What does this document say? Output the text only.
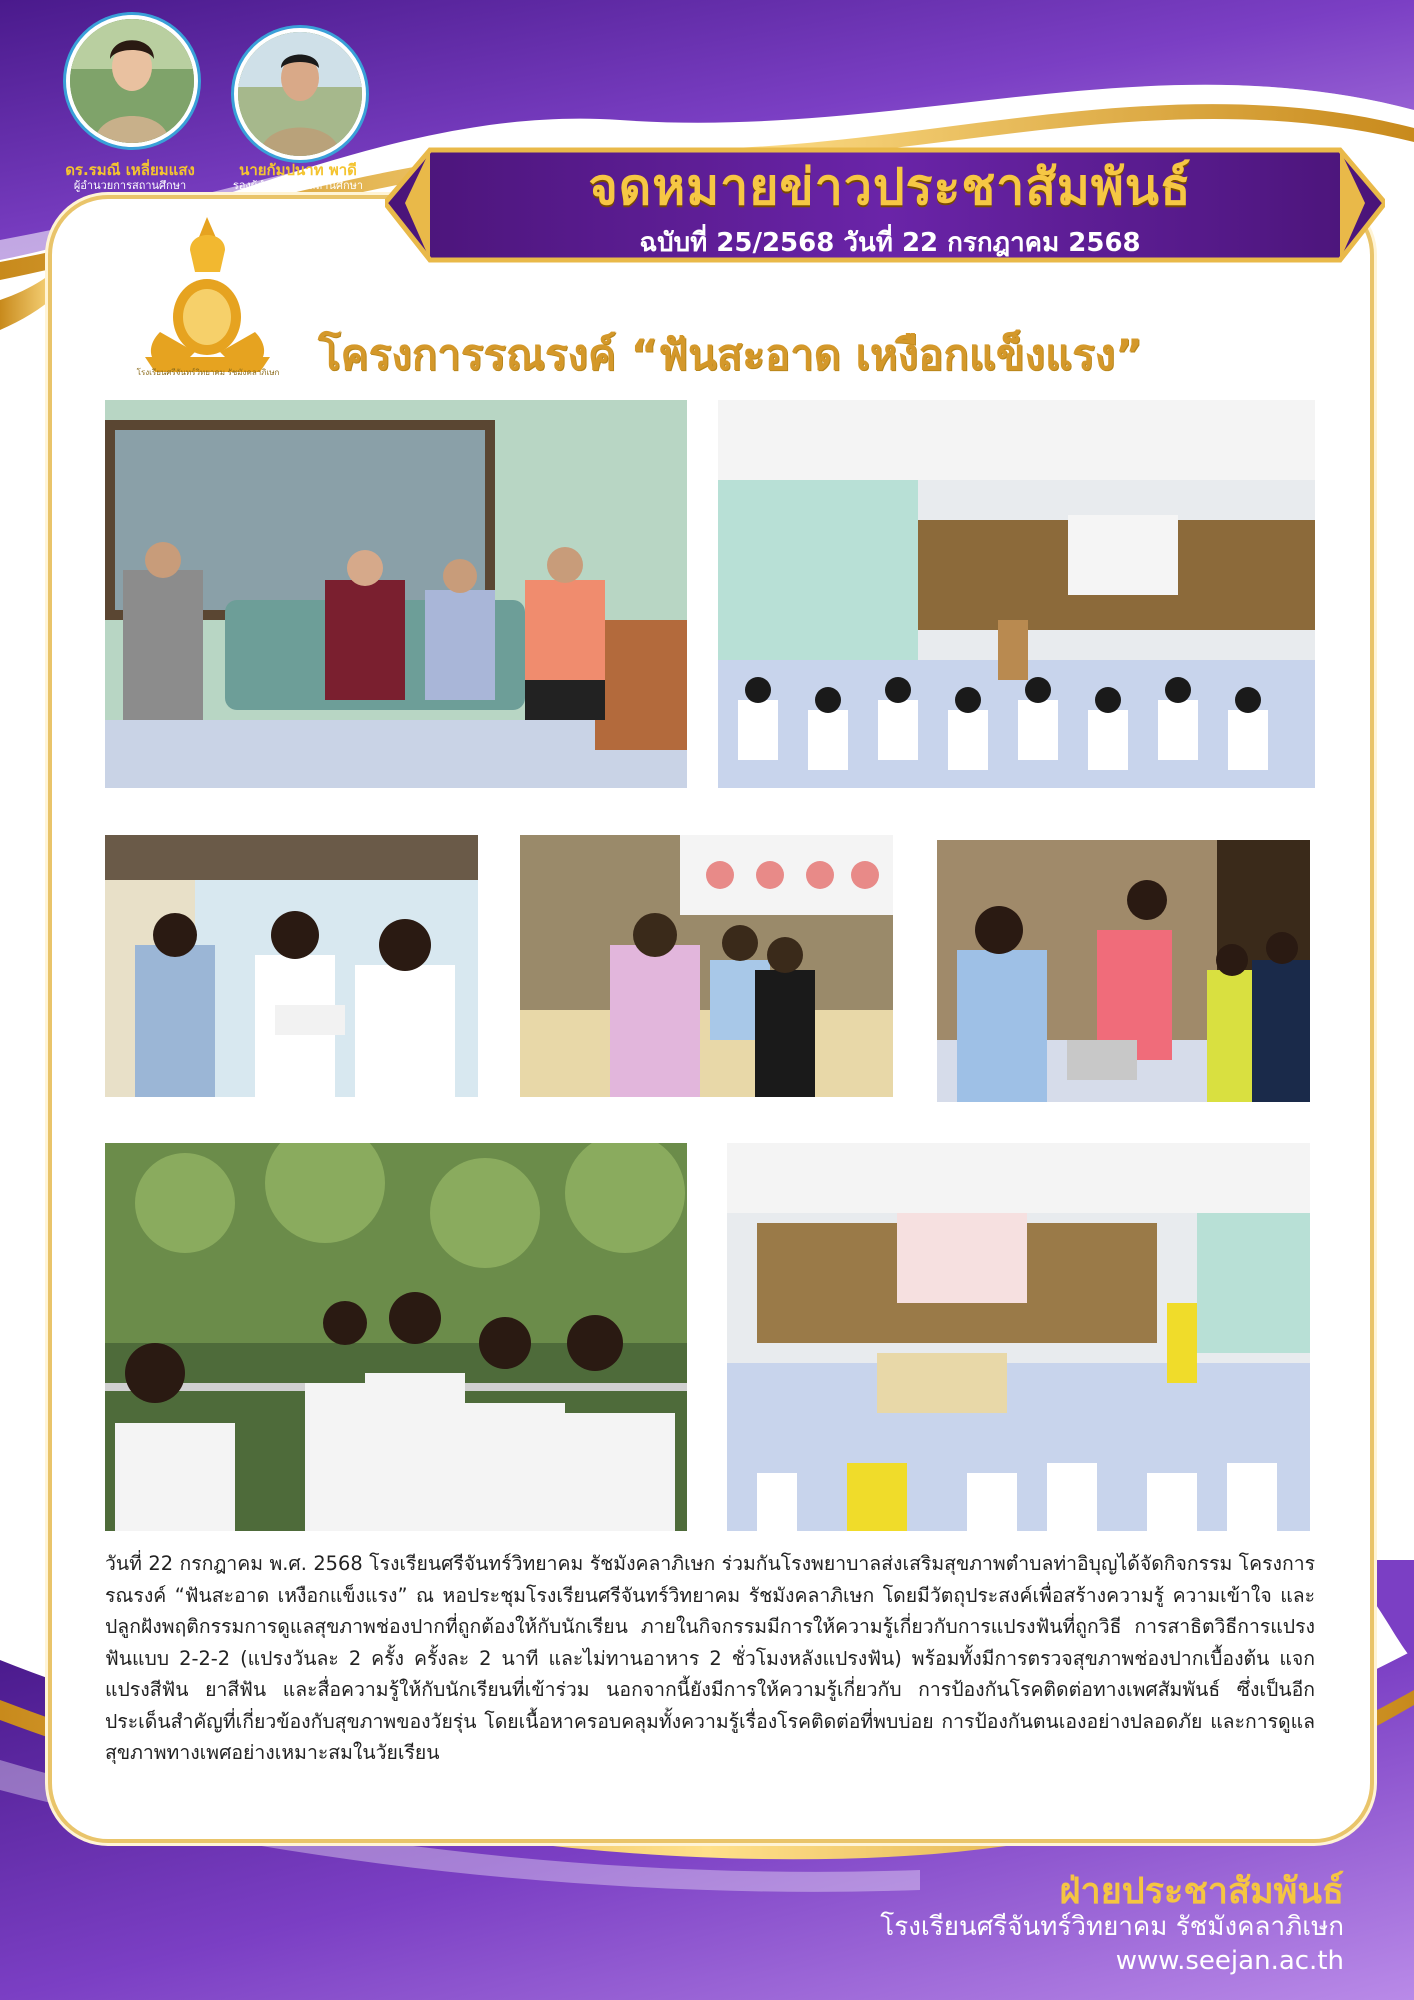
จดหมายข่าวประชาสัมพันธ์
ฉบับที่ 25/2568 วันที่ 22 กรกฎาคม 2568
ดร.รมณี เหลี่ยมแสง
ผู้อำนวยการสถานศึกษา
นายกัมปนาท พาดี
รองผู้อำนวยการสถานศึกษา
โรงเรียนศรีจันทร์วิทยาคม รัชมังคลาภิเษก โครงการรณรงค์ “ฟันสะอาด เหงือกแข็งแรง”
วันที่ 22 กรกฎาคม พ.ศ. 2568 โรงเรียนศรีจันทร์วิทยาคม รัชมังคลาภิเษก ร่วมกันโรงพยาบาลส่งเสริมสุขภาพตำบลท่าอิบุญได้จัดกิจกรรม โครงการรณรงค์ “ฟันสะอาด เหงือกแข็งแรง” ณ หอประชุมโรงเรียนศรีจันทร์วิทยาคม รัชมังคลาภิเษก โดยมีวัตถุประสงค์เพื่อสร้างความรู้ ความเข้าใจ และปลูกฝังพฤติกรรมการดูแลสุขภาพช่องปากที่ถูกต้องให้กับนักเรียน ภายในกิจกรรมมีการให้ความรู้เกี่ยวกับการแปรงฟันที่ถูกวิธี การสาธิตวิธีการแปรงฟันแบบ 2-2-2 (แปรงวันละ 2 ครั้ง ครั้งละ 2 นาที และไม่ทานอาหาร 2 ชั่วโมงหลังแปรงฟัน) พร้อมทั้งมีการตรวจสุขภาพช่องปากเบื้องต้น แจกแปรงสีฟัน ยาสีฟัน และสื่อความรู้ให้กับนักเรียนที่เข้าร่วม นอกจากนี้ยังมีการให้ความรู้เกี่ยวกับ การป้องกันโรคติดต่อทางเพศสัมพันธ์ ซึ่งเป็นอีกประเด็นสำคัญที่เกี่ยวข้องกับสุขภาพของวัยรุ่น โดยเนื้อหาครอบคลุมทั้งความรู้เรื่องโรคติดต่อที่พบบ่อย การป้องกันตนเองอย่างปลอดภัย และการดูแลสุขภาพทางเพศอย่างเหมาะสมในวัยเรียน
ฝ่ายประชาสัมพันธ์
โรงเรียนศรีจันทร์วิทยาคม รัชมังคลาภิเษก
www.seejan.ac.th
